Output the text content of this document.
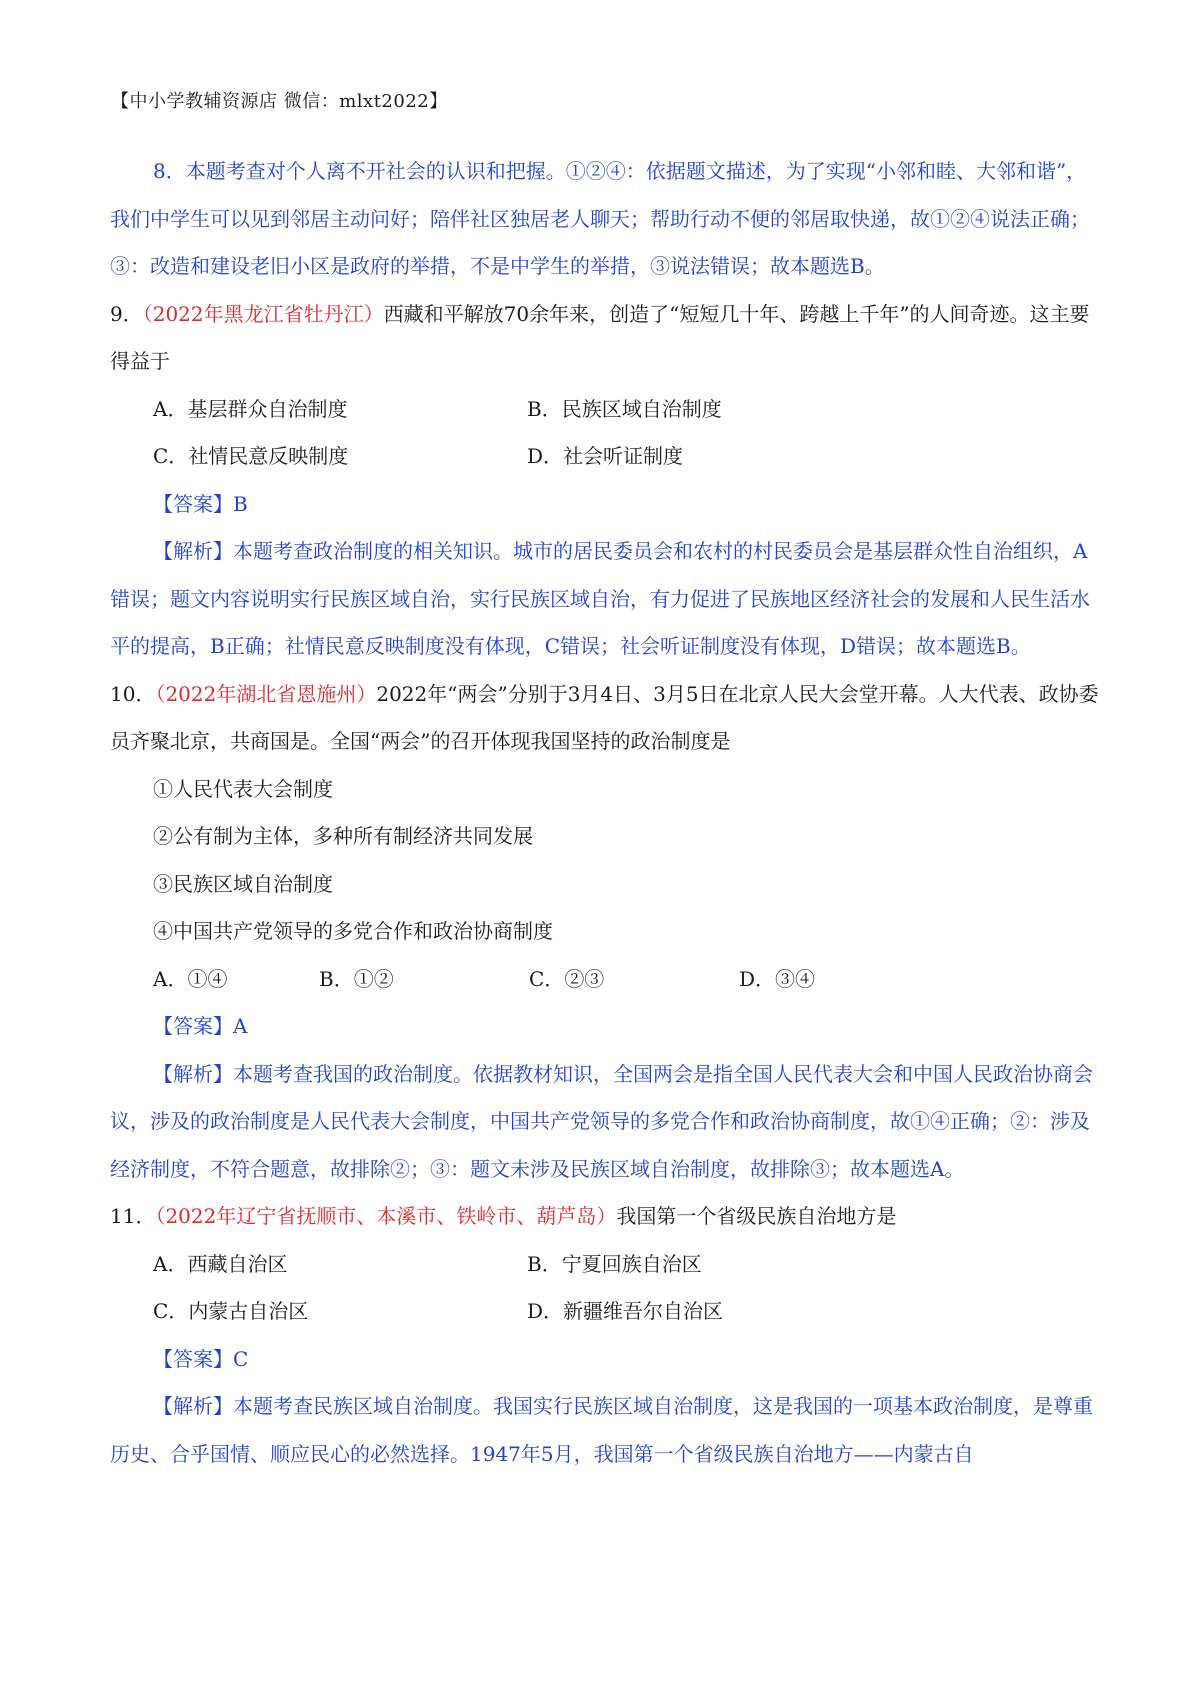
【中小学教辅资源店 微信：mlxt2022】

8．本题考查对个人离不开社会的认识和把握。①②④：依据题文描述，为了实现“小邻和睦、大邻和谐”，我们中学生可以见到邻居主动问好；陪伴社区独居老人聊天；帮助行动不便的邻居取快递，故①②④说法正确；③：改造和建设老旧小区是政府的举措，不是中学生的举措，③说法错误；故本题选B。

9．（2022年黑龙江省牡丹江）西藏和平解放70余年来，创造了“短短几十年、跨越上千年”的人间奇迹。这主要得益于

A．基层群众自治制度	B．民族区域自治制度
C．社情民意反映制度	D．社会听证制度

【答案】B

【解析】本题考查政治制度的相关知识。城市的居民委员会和农村的村民委员会是基层群众性自治组织，A错误；题文内容说明实行民族区域自治，实行民族区域自治，有力促进了民族地区经济社会的发展和人民生活水平的提高，B正确；社情民意反映制度没有体现，C错误；社会听证制度没有体现，D错误；故本题选B。

10．（2022年湖北省恩施州）2022年“两会”分别于3月4日、3月5日在北京人民大会堂开幕。人大代表、政协委员齐聚北京，共商国是。全国“两会”的召开体现我国坚持的政治制度是

①人民代表大会制度

②公有制为主体，多种所有制经济共同发展

③民族区域自治制度

④中国共产党领导的多党合作和政治协商制度

A．①④	B．①②	C．②③	D．③④

【答案】A

【解析】本题考查我国的政治制度。依据教材知识，全国两会是指全国人民代表大会和中国人民政治协商会议，涉及的政治制度是人民代表大会制度，中国共产党领导的多党合作和政治协商制度，故①④正确；②：涉及经济制度，不符合题意，故排除②；③：题文未涉及民族区域自治制度，故排除③；故本题选A。

11．（2022年辽宁省抚顺市、本溪市、铁岭市、葫芦岛）我国第一个省级民族自治地方是

A．西藏自治区	B．宁夏回族自治区
C．内蒙古自治区	D．新疆维吾尔自治区

【答案】C

【解析】本题考查民族区域自治制度。我国实行民族区域自治制度，这是我国的一项基本政治制度，是尊重历史、合乎国情、顺应民心的必然选择。1947年5月，我国第一个省级民族自治地方——内蒙古自
